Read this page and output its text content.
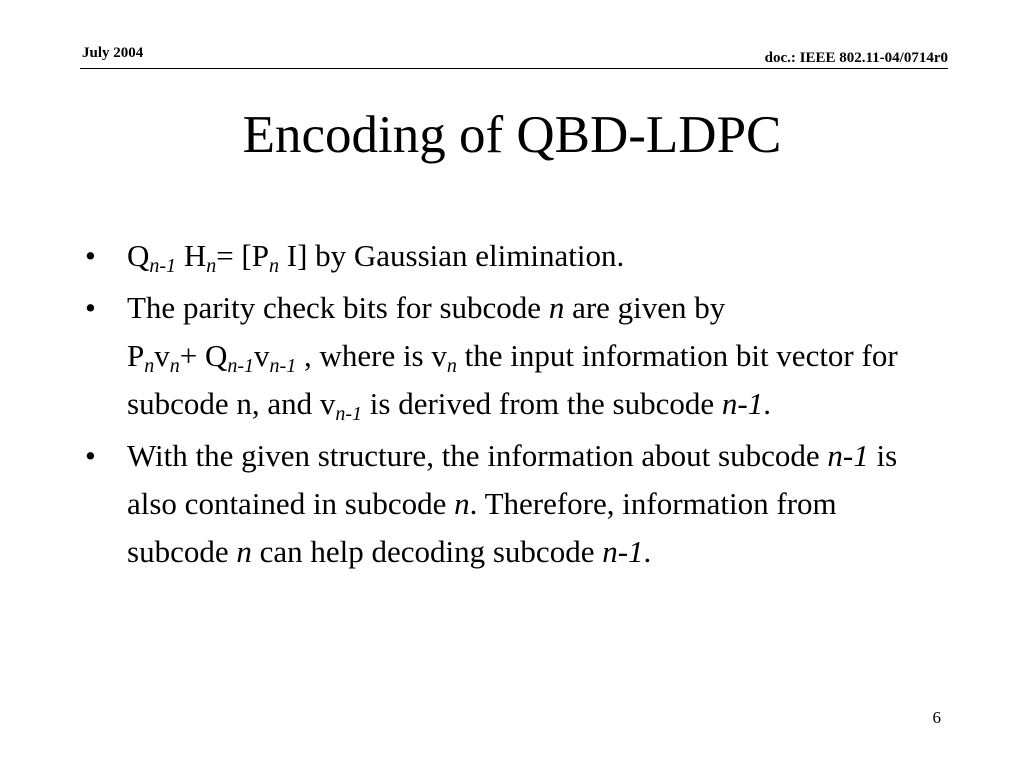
July 2004	doc.: IEEE 802.11-04/0714r0
Encoding of QBD-LDPC
• $Q_{n-1}$ $H_n= [P_n$ I] by Gaussian elimination.
• The parity check bits for subcode n are given by
$P_nv_n+ Q_{n-1}v_{n-1}$ , where is $v_n$ the input information bit vector for subcode n, and $v_{n-1}$ is derived from the subcode n-1.
• With the given structure, the information about subcode n-1 is also contained in subcode n. Therefore, information from subcode n can help decoding subcode n-1.
6
